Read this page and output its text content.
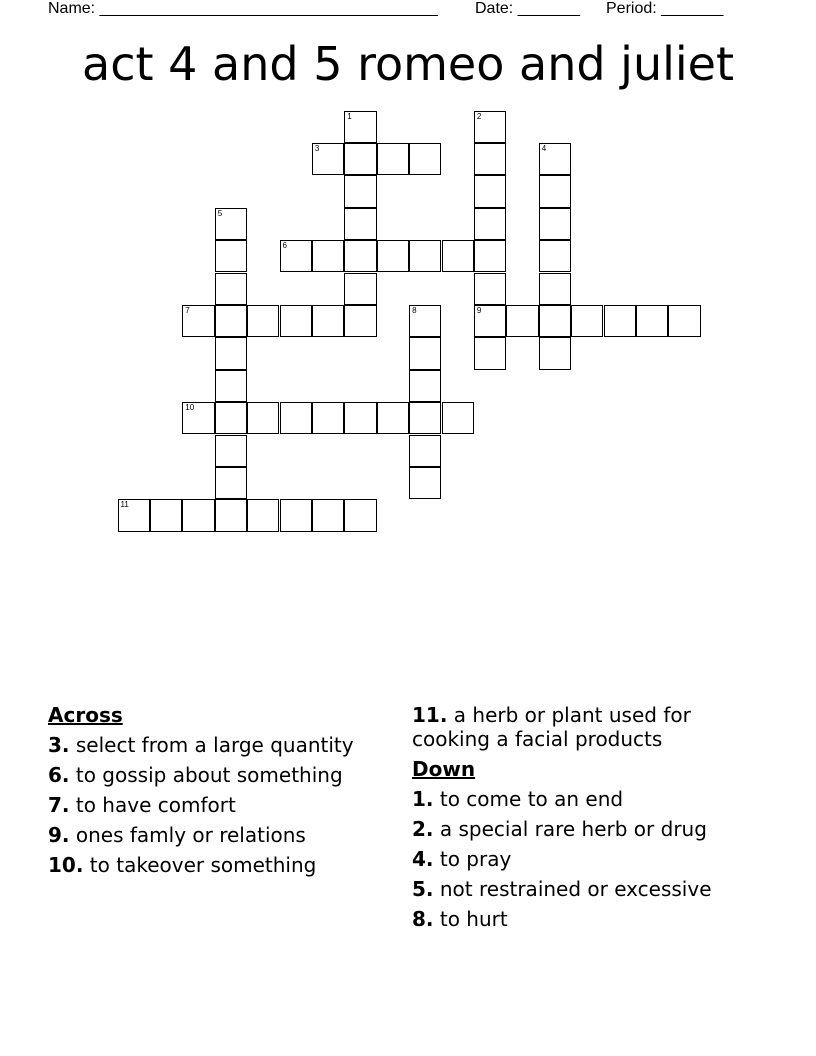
Name: ______________________________________ Date: _______ Period: _______
act 4 and 5 romeo and juliet
1	2
9
3	4
5
6
7	8
10
11
Across
3. select from a large quantity
6. to gossip about something
7. to have comfort
9. ones famly or relations
10. to takeover something
11. a herb or plant used for cooking a facial products
Down
1. to come to an end
2. a special rare herb or drug
4. to pray
5. not restrained or excessive
8. to hurt
